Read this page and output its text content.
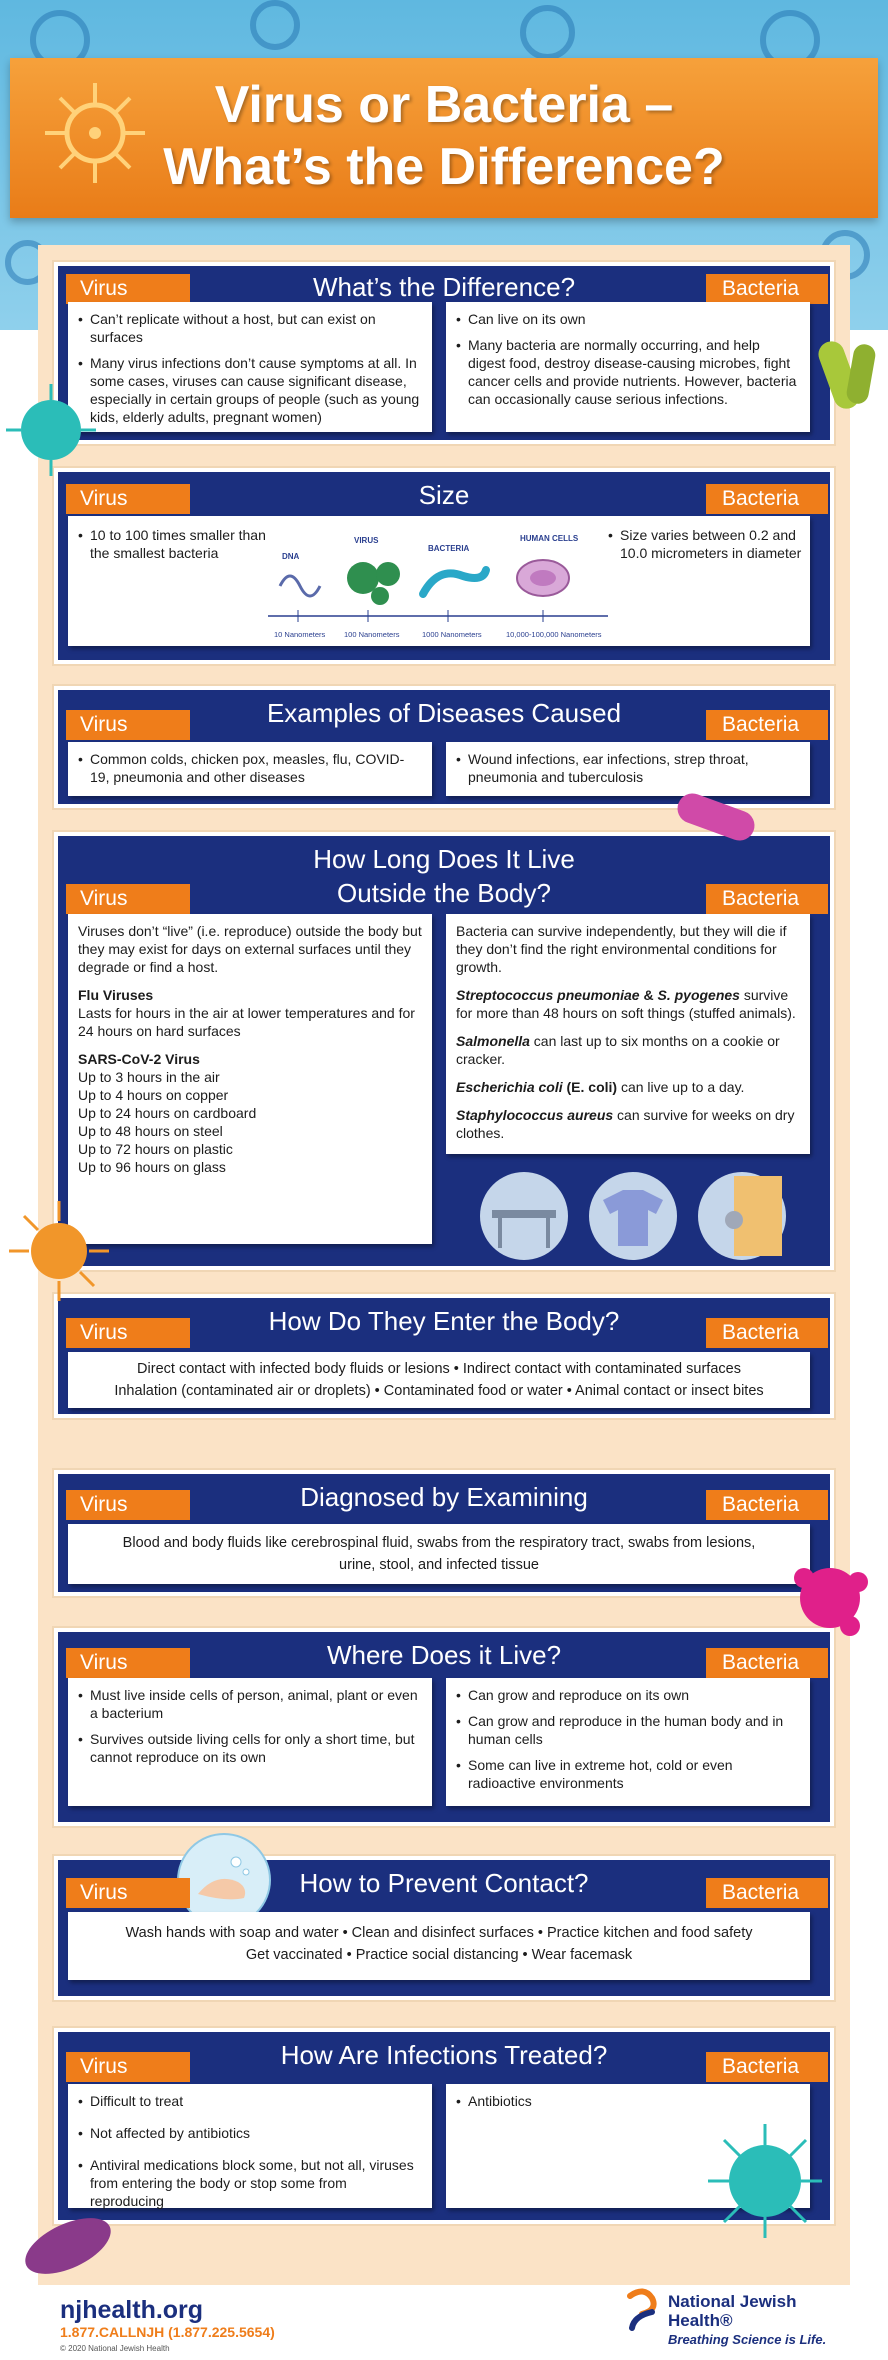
Virus or Bacteria –
What’s the Difference?
What’s the Difference?
Virus	Bacteria
• Can’t replicate without a host, but can exist on surfaces
• Many virus infections don’t cause symptoms at all. In some cases, viruses can cause significant disease, especially in certain groups of people (such as young kids, elderly adults, pregnant women)
• Can live on its own
• Many bacteria are normally occurring, and help digest food, destroy disease-causing microbes, fight cancer cells and provide nutrients. However, bacteria can occasionally cause serious infections.
Size
Virus	Bacteria
• 10 to 100 times smaller than the smallest bacteria	DNA
VIRUS
BACTERIA
HUMAN CELLS
10 Nanometers 100 Nanometers	1000 Nanometers	10,000-100,000 Nanometers
• Size varies between 0.2 and 10.0 micrometers in diameter
Examples of Diseases Caused
Virus	Bacteria
• Common colds, chicken pox, measles, flu, COVID-19, pneumonia and other diseases
• Wound infections, ear infections, strep throat, pneumonia and tuberculosis
How Long Does It Live
Outside the Body?
Virus	Bacteria

Viruses don’t “live” (i.e. reproduce) outside the body but they may exist for days on external surfaces until they degrade or find a host.

Flu Viruses

Lasts for hours in the air at lower temperatures and for 24 hours on hard surfaces

SARS-CoV-2 Virus
Up to 3 hours in the air
Up to 4 hours on copper
Up to 24 hours on cardboard
Up to 48 hours on steel
Up to 72 hours on plastic
Up to 96 hours on glass

Bacteria can survive independently, but they will die if they don’t find the right environmental conditions for growth.

Streptococcus pneumoniae & S. pyogenes survive for more than 48 hours on soft things (stuffed animals).

Salmonella can last up to six months on a cookie or cracker.

Escherichia coli (E. coli) can live up to a day.

Staphylococcus aureus can survive for weeks on dry clothes.

How Do They Enter the Body?
Virus	Bacteria
Direct contact with infected body fluids or lesions • Indirect contact with contaminated surfaces
Inhalation (contaminated air or droplets) • Contaminated food or water • Animal contact or insect bites
Diagnosed by Examining
Virus	Bacteria
Blood and body fluids like cerebrospinal fluid, swabs from the respiratory tract, swabs from lesions,
urine, stool, and infected tissue
Where Does it Live?
Virus	Bacteria
• Must live inside cells of person, animal, plant or even a bacterium
• Survives outside living cells for only a short time, but cannot reproduce on its own
• Can grow and reproduce on its own
• Can grow and reproduce in the human body and in human cells
• Some can live in extreme hot, cold or even radioactive environments
How to Prevent Contact?
Virus	Bacteria
Wash hands with soap and water • Clean and disinfect surfaces • Practice kitchen and food safety
Get vaccinated • Practice social distancing • Wear facemask
How Are Infections Treated?
Virus	Bacteria
• Difficult to treat
• Not affected by antibiotics
• Antiviral medications block some, but not all, viruses from entering the body or stop some from reproducing
• Antibiotics
njhealth.org
1.877.CALLNJH (1.877.225.5654)
© 2020 National Jewish Health
National Jewish
Health®
Breathing Science is Life.
